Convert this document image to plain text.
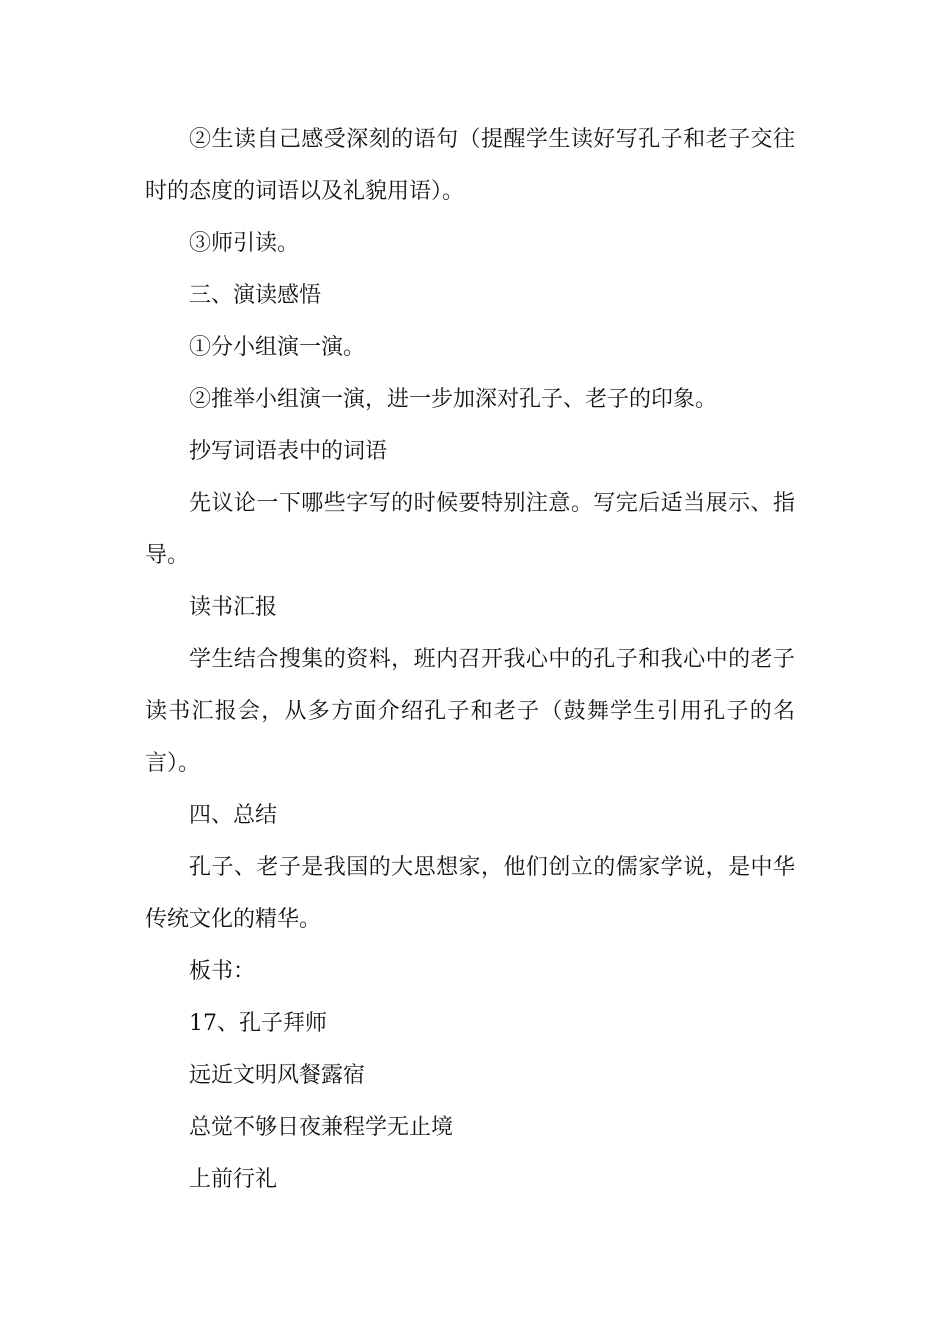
②生读自己感受深刻的语句（提醒学生读好写孔子和老子交往时的态度的词语以及礼貌用语）。

③师引读。

三、演读感悟

①分小组演一演。

②推举小组演一演，进一步加深对孔子、老子的印象。

抄写词语表中的词语

先议论一下哪些字写的时候要特别注意。写完后适当展示、指导。

读书汇报

学生结合搜集的资料，班内召开我心中的孔子和我心中的老子读书汇报会，从多方面介绍孔子和老子（鼓舞学生引用孔子的名言）。

四、总结

孔子、老子是我国的大思想家，他们创立的儒家学说，是中华传统文化的精华。

板书：

17、孔子拜师

远近文明风餐露宿

总觉不够日夜兼程学无止境

上前行礼
